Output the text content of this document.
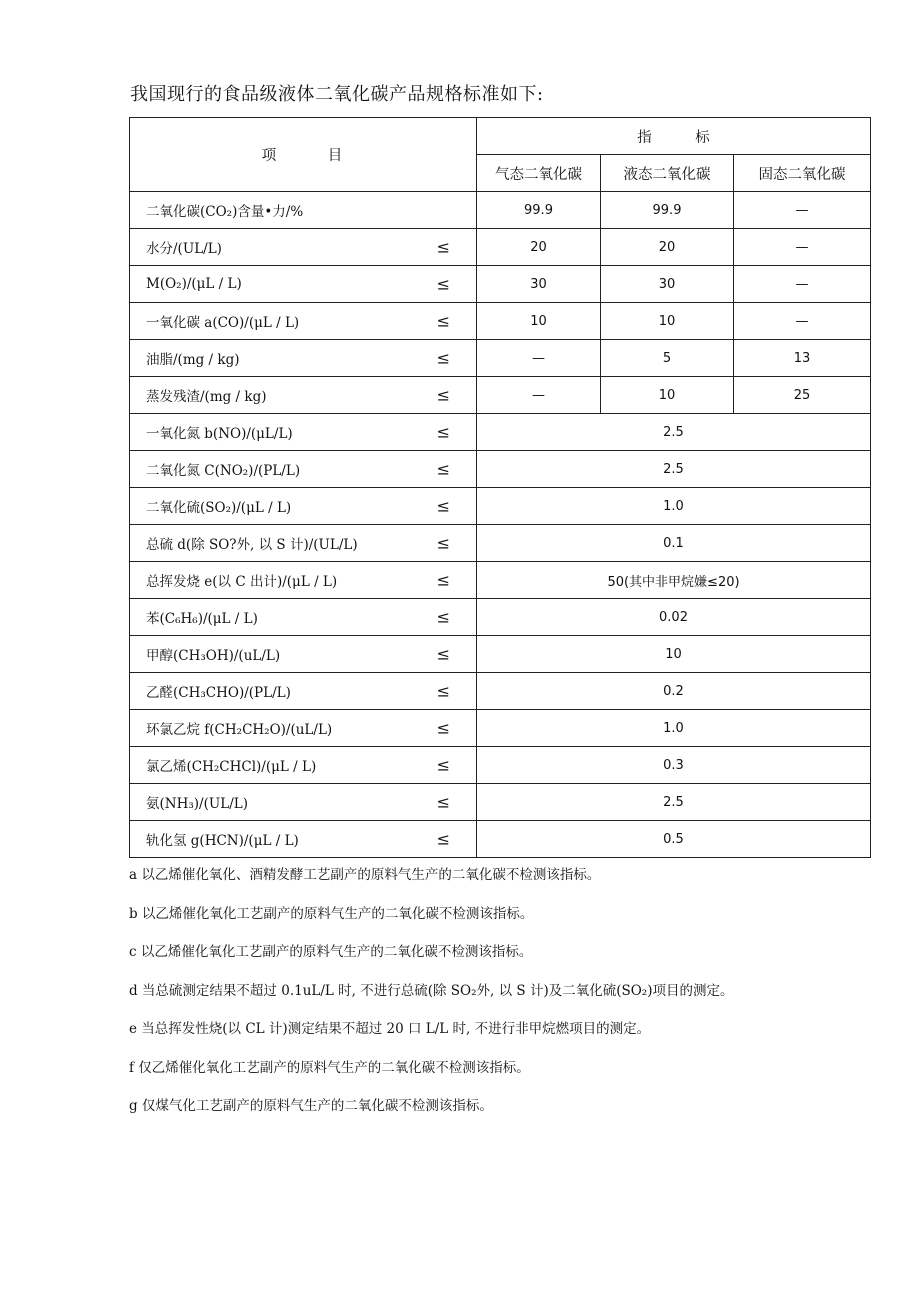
我国现行的食品级液体二氧化碳产品规格标准如下:
项　　　目	指　　　标		
	气态二氧化碳	液态二氧化碳	固态二氧化碳
二氧化碳(CO₂)含量•力/%	99.9	99.9	—
水分/(UL/L) ≤	20	20	—
M(O₂)/(μL / L) ≤	30	30	—
一氧化碳 a(CO)/(μL / L) ≤	10	10	—
油脂/(mg / kg) ≤	—	5	13
蒸发残渣/(mg / kg) ≤	—	10	25
一氧化氮 b(NO)/(μL/L) ≤	2.5		
二氧化氮 C(NO₂)/(PL/L) ≤	2.5		
二氧化硫(SO₂)/(μL / L) ≤	1.0		
总硫 d(除 SO?外, 以 S 计)/(UL/L) ≤	0.1		
总挥发烧 e(以 C 出计)/(μL / L) ≤	50(其中非甲烷嫌≤20)		
苯(C₆H₆)/(μL / L) ≤	0.02		
甲醇(CH₃OH)/(uL/L) ≤	10		
乙醛(CH₃CHO)/(PL/L) ≤	0.2		
环氯乙烷 f(CH₂CH₂O)/(uL/L) ≤	1.0		
氯乙烯(CH₂CHCl)/(μL / L) ≤	0.3		
氨(NH₃)/(UL/L) ≤	2.5		
轨化氢 g(HCN)/(μL / L) ≤	0.5		

a 以乙烯催化氧化、酒精发酵工艺副产的原料气生产的二氧化碳不检测该指标。

b 以乙烯催化氧化工艺副产的原料气生产的二氧化碳不检测该指标。

c 以乙烯催化氧化工艺副产的原料气生产的二氧化碳不检测该指标。

d 当总硫测定结果不超过 0.1uL/L 时, 不进行总硫(除 SO₂外, 以 S 计)及二氧化硫(SO₂)项目的测定。

e 当总挥发性烧(以 CL 计)测定结果不超过 20 口 L/L 时, 不进行非甲烷燃项目的测定。

f 仅乙烯催化氧化工艺副产的原料气生产的二氧化碳不检测该指标。

g 仅煤气化工艺副产的原料气生产的二氧化碳不检测该指标。
